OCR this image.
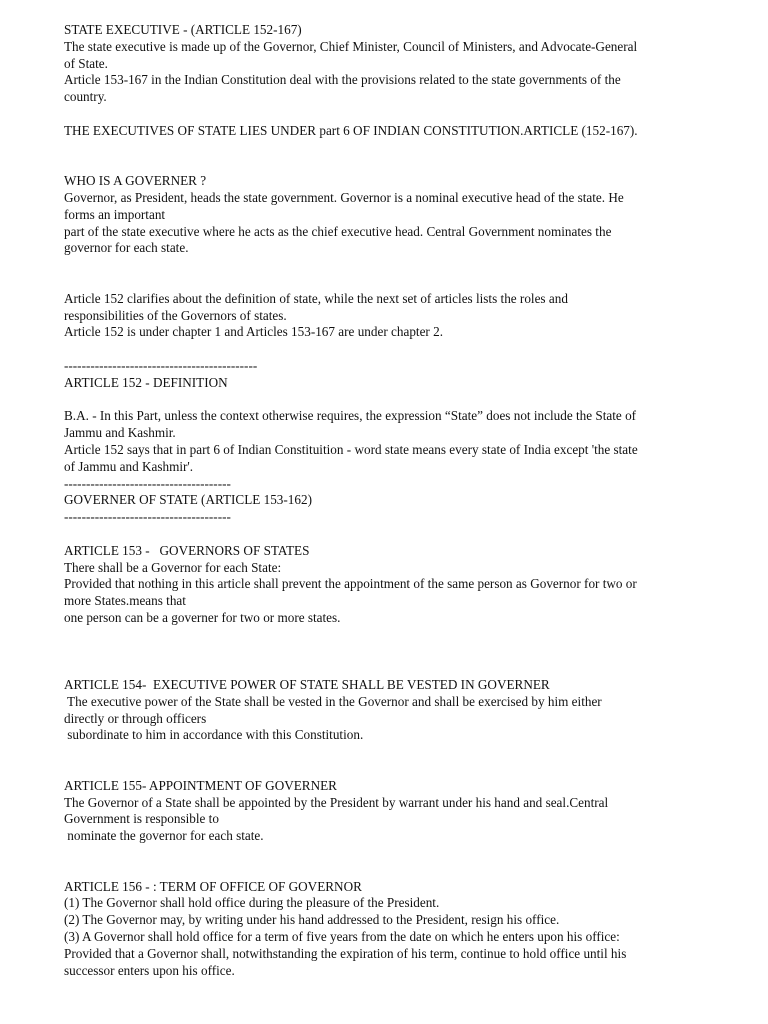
STATE EXECUTIVE - (ARTICLE 152-167)
The state executive is made up of the Governor, Chief Minister, Council of Ministers, and Advocate-General
of State.
Article 153-167 in the Indian Constitution deal with the provisions related to the state governments of the
country.
THE EXECUTIVES OF STATE LIES UNDER part 6 OF INDIAN CONSTITUTION.ARTICLE (152-167).
WHO IS A GOVERNER ?
Governor, as President, heads the state government. Governor is a nominal executive head of the state. He
forms an important
part of the state executive where he acts as the chief executive head. Central Government nominates the
governor for each state.
Article 152 clarifies about the definition of state, while the next set of articles lists the roles and
responsibilities of the Governors of states.
Article 152 is under chapter 1 and Articles 153-167 are under chapter 2.
--------------------------------------------
ARTICLE 152 - DEFINITION
B.A. - In this Part, unless the context otherwise requires, the expression “State” does not include the State of
Jammu and Kashmir.
Article 152 says that in part 6 of Indian Constituition - word state means every state of India except 'the state
of Jammu and Kashmir'.
--------------------------------------
GOVERNER OF STATE (ARTICLE 153-162)
--------------------------------------
ARTICLE 153 -   GOVERNORS OF STATES
There shall be a Governor for each State:
Provided that nothing in this article shall prevent the appointment of the same person as Governor for two or
more States.means that
one person can be a governer for two or more states.
ARTICLE 154-  EXECUTIVE POWER OF STATE SHALL BE VESTED IN GOVERNER
The executive power of the State shall be vested in the Governor and shall be exercised by him either
directly or through officers
subordinate to him in accordance with this Constitution.
ARTICLE 155- APPOINTMENT OF GOVERNER
The Governor of a State shall be appointed by the President by warrant under his hand and seal.Central
Government is responsible to
nominate the governor for each state.
ARTICLE 156 - : TERM OF OFFICE OF GOVERNOR
(1) The Governor shall hold office during the pleasure of the President.
(2) The Governor may, by writing under his hand addressed to the President, resign his office.
(3) A Governor shall hold office for a term of five years from the date on which he enters upon his office:
Provided that a Governor shall, notwithstanding the expiration of his term, continue to hold office until his
successor enters upon his office.
